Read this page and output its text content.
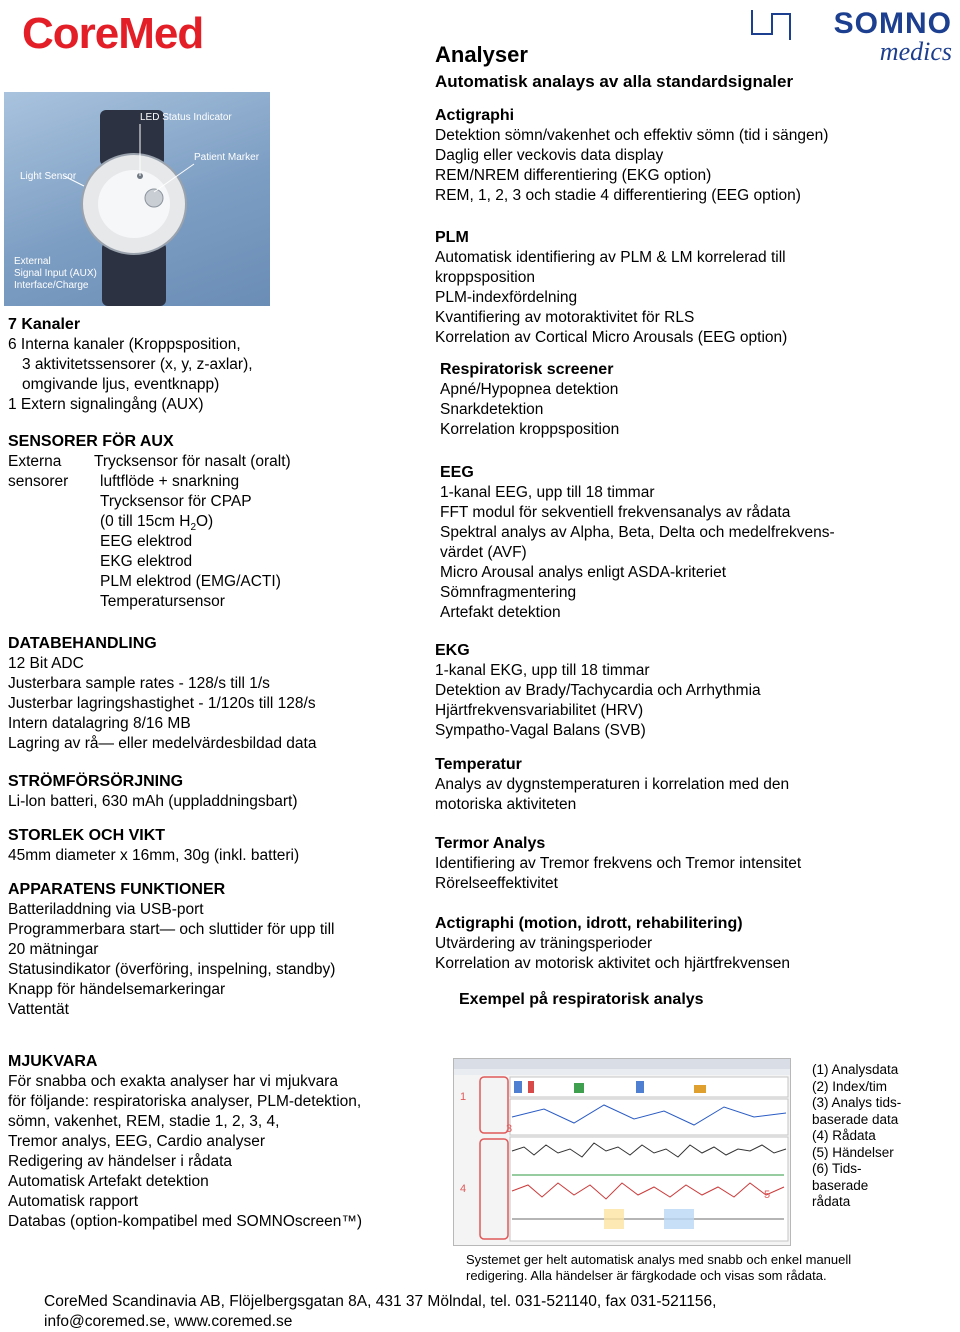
CoreMed	SOMNO
medics
LED Status Indicator
Patient Marker
Light Sensor
External
Signal Input (AUX)
Interface/Charge
7 Kanaler
6 Interna kanaler (Kroppsposition,
3 aktivitetssensorer (x, y, z-axlar),
omgivande ljus, eventknapp)
1 Extern signalingång (AUX)
SENSORER FÖR AUX
Externa
sensorer
Trycksensor för nasalt (oralt)
luftflöde + snarkning
Trycksensor för CPAP
(0 till 15cm $H_2O$)
EEG elektrod
EKG elektrod
PLM elektrod (EMG/ACTI)
Temperatursensor
DATABEHANDLING
12 Bit ADC
Justerbara sample rates - 128/s till 1/s
Justerbar lagringshastighet - 1/120s till 128/s
Intern datalagring 8/16 MB
Lagring av rå— eller medelvärdesbildad data
STRÖMFÖRSÖRJNING
Li-lon batteri, 630 mAh (uppladdningsbart)
STORLEK OCH VIKT
45mm diameter x 16mm, 30g (inkl. batteri)
APPARATENS FUNKTIONER
Batteriladdning via USB-port
Programmerbara start— och sluttider för upp till
20 mätningar
Statusindikator (överföring, inspelning, standby)
Knapp för händelsemarkeringar
Vattentät
MJUKVARA
För snabba och exakta analyser har vi mjukvara
för följande: respiratoriska analyser, PLM-detektion,
sömn, vakenhet, REM, stadie 1, 2, 3, 4,
Tremor analys, EEG, Cardio analyser
Redigering av händelser i rådata
Automatisk Artefakt detektion
Automatisk rapport
Databas (option-kompatibel med SOMNOscreen™)
Analyser
Automatisk analays av alla standardsignaler
Actigraphi
Detektion sömn/vakenhet och effektiv sömn (tid i sängen)
Daglig eller veckovis data display
REM/NREM differentiering (EKG option)
REM, 1, 2, 3 och stadie 4 differentiering (EEG option)
PLM
Automatisk identifiering av PLM & LM korrelerad till
kroppsposition
PLM-indexfördelning
Kvantifiering av motoraktivitet för RLS
Korrelation av Cortical Micro Arousals (EEG option)
Respiratorisk screener
Apné/Hypopnea detektion
Snarkdetektion
Korrelation kroppsposition
EEG
1-kanal EEG, upp till 18 timmar
FFT modul för sekventiell frekvensanalys av rådata
Spektral analys av Alpha, Beta, Delta och medelfrekvens-
värdet (AVF)
Micro Arousal analys enligt ASDA-kriteriet
Sömnfragmentering
Artefakt detektion
EKG
1-kanal EKG, upp till 18 timmar
Detektion av Brady/Tachycardia och Arrhythmia
Hjärtfrekvensvariabilitet (HRV)
Sympatho-Vagal Balans (SVB)
Temperatur
Analys av dygnstemperaturen i korrelation med den
motoriska aktiviteten
Termor Analys
Identifiering av Tremor frekvens och Tremor intensitet
Rörelseeffektivitet
Actigraphi (motion, idrott, rehabilitering)
Utvärdering av träningsperioder
Korrelation av motorisk aktivitet och hjärtfrekvensen
Exempel på respiratorisk analys
1
3
4	5
(1) Analysdata
(2) Index/tim
(3) Analys tids-
baserade data
(4) Rådata
(5) Händelser
(6) Tids-
baserade
rådata
Systemet ger helt automatisk analys med snabb och enkel manuell
redigering. Alla händelser är färgkodade och visas som rådata.
CoreMed Scandinavia AB, Flöjelbergsgatan 8A, 431 37 Mölndal, tel. 031-521140, fax 031-521156,
info@coremed.se, www.coremed.se
